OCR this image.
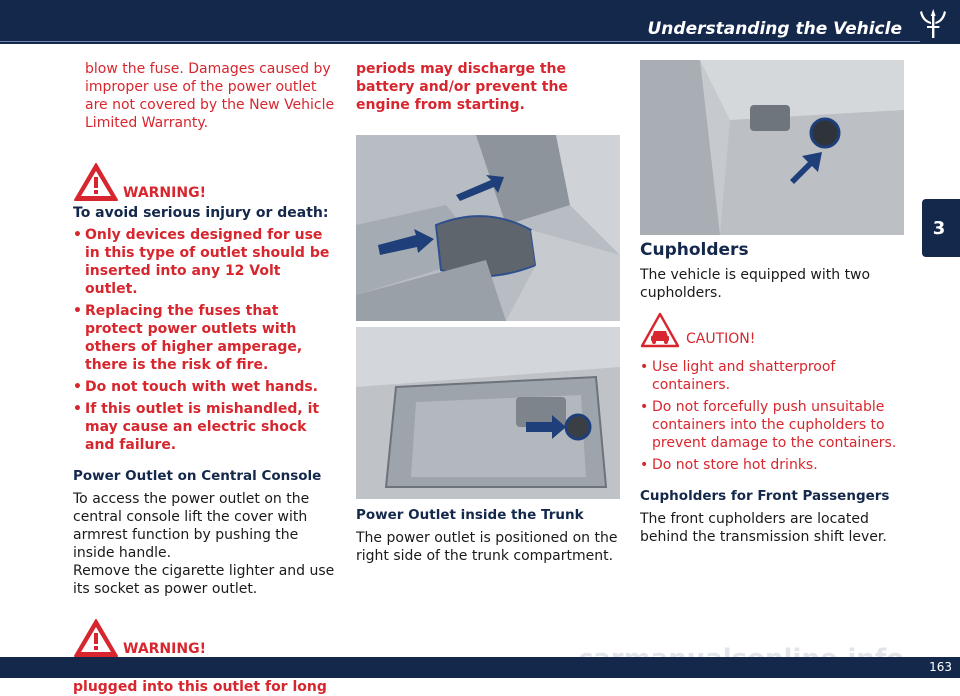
Understanding the Vehicle
3

blow the fuse. Damages caused by improper use of the power outlet are not covered by the New Vehicle Limited Warranty.

WARNING!

To avoid serious injury or death:

• Only devices designed for use in this type of outlet should be inserted into any 12 Volt outlet.
• Replacing the fuses that protect power outlets with others of higher amperage, there is the risk of fire.
• Do not touch with wet hands.
• If this outlet is mishandled, it may cause an electric shock and failure.
Power Outlet on Central Console

To access the power outlet on the central console lift the cover with armrest function by pushing the inside handle.

Remove the cigarette lighter and use its socket as power outlet.

WARNING!

plugged into this outlet for long

periods may discharge the battery and/or prevent the engine from starting.

Power Outlet inside the Trunk

The power outlet is positioned on the right side of the trunk compartment.

Cupholders

The vehicle is equipped with two cupholders.

CAUTION!
• Use light and shatterproof containers.
• Do not forcefully push unsuitable containers into the cupholders to prevent damage to the containers.
• Do not store hot drinks.
Cupholders for Front Passengers

The front cupholders are located behind the transmission shift lever.

163
